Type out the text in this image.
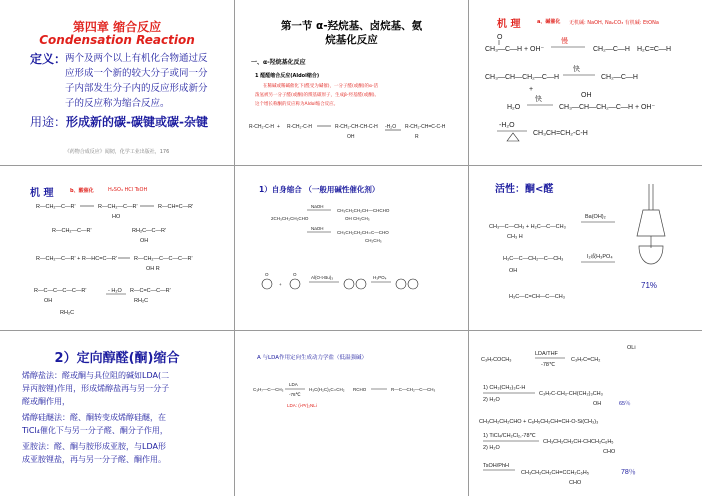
第四章 缩合反应
Condensation Reaction
定义：
两个及两个以上有机化合物通过反
应形成一个新的较大分子或同一分
子内部发生分子内的反应形成新分
子的反应称为缩合反应。
用途：形成新的碳-碳键或碳-杂键
《药物合成反应》闻韧，化学工业出版社，176
第一节 α-羟烷基、卤烷基、氨
烷基化反应
一、α-羟烷基化反应
1 醛醛缩合反应(Aldol缩合)
在稀碱或稀碱催化下(醛受为碱催)，一分子醛(或酮)的α-活
泼氢被另一分子醛(或酮)的羰基碳原子，生成β-羟基醛(或酮)。
这个增长称酮的反应称为Aldol缩合反应。
R-CH₂-C-H + R-CH₂-C-H	R-CH₂-CH-CH-C-H -H₂O R-CH₂-CH=C-C-H
OH	R
机 理	a、碱催化 无机碱: NaOH, Na₂CO₃ 有机碱: EtONa
CH₃—C—H + OH⁻
O
CH₂—C—H H₂C=C—H
慢
CH₃—CH—CH₂—C—H
快
CH₂—C—H
+
H₂O
快
CH₃—CH—CH₂—C—H + OH⁻
OH
-H₂O
CH₃CH=CH₂-C-H
机 理	b、酸催化	H₂SO₄ HCl TsOH
R—CH₂—C—R'	R—CH₂—C—R'	R—CH=C—R'
HO
R—CH₂—C—R'	RH₂C—C—R'
OH
R—CH₂—C—R' + R—HC=C—R'	R—CH₂—C—C—C—R'
OH R
R—C—C—C—C—R'	- H₂O R—C=C—C—R'
OH	RH₂C
RH₂C
1）自身缩合 （一般用碱性催化剂）
2CH₃CH₂CH₂CHO
NaOH
NaOH
CH₃CH₂CH₂CH—CHCHO
OH CH₂CH₃
CH₃CH₂CH₂CH=C—CHO
CH₂CH₃
O
+
O
Al(O-t-Bu)₃	H₃PO₄
活性：酮<醛
CH₃—C—CH₃ + H₂C—C—CH₃
Ba(OH)₂
CH₃ H
H₃C—C—CH₂—C—CH₃	I₂或H₃PO₄
OH
H₃C—C=CH—C—CH₃
71%
2）定向醇醛(酮)缩合
烯醇盐法：醛或酮与具位阻的碱如LDA(二
异丙胺锂)作用，形成烯醇盐再与另一分子
醛或酮作用，
烯醇硅醚法：醛、酮转变成烯醇硅醚，在
TiCl₄催化下与另一分子醛、酮分子作用，
亚胺法：醛、酮与胺形成亚胺，与LDA形
成亚胺锂盐，再与另一分子醛、酮作用。
A 与LDA作用定向生成动力学盐（低温强碱）
C₃H₇—C—CH₃
LDA
-78℃
H₃C(H₂C)₂C=CH₂ RCHO	R—C—CH₂—C—CH₃
LDA: (i-Pr)₂NLi
OLi
C₃H₇COCH₃
LDA/THF
-78℃
C₃H₇C=CH₂
1) CH₃(CH₂)₃C-H
2) H₂O
C₃H₇C-CH₂-CH(CH₂)₃CH₃
OH	65％
CH₃CH₂CH₂CHO + C₆H₅CH₂CH=CH-O-Si(CH₃)₃
1) TiCl₄/CH₂Cl₂,-78℃
2) H₂O
CH₃CH₂CH₂CH-CHCH₂C₆H₅
CHO
TsOH/PhH
CH₃CH₂CH₂CH=CCH₂C₆H₅	78％
CHO
